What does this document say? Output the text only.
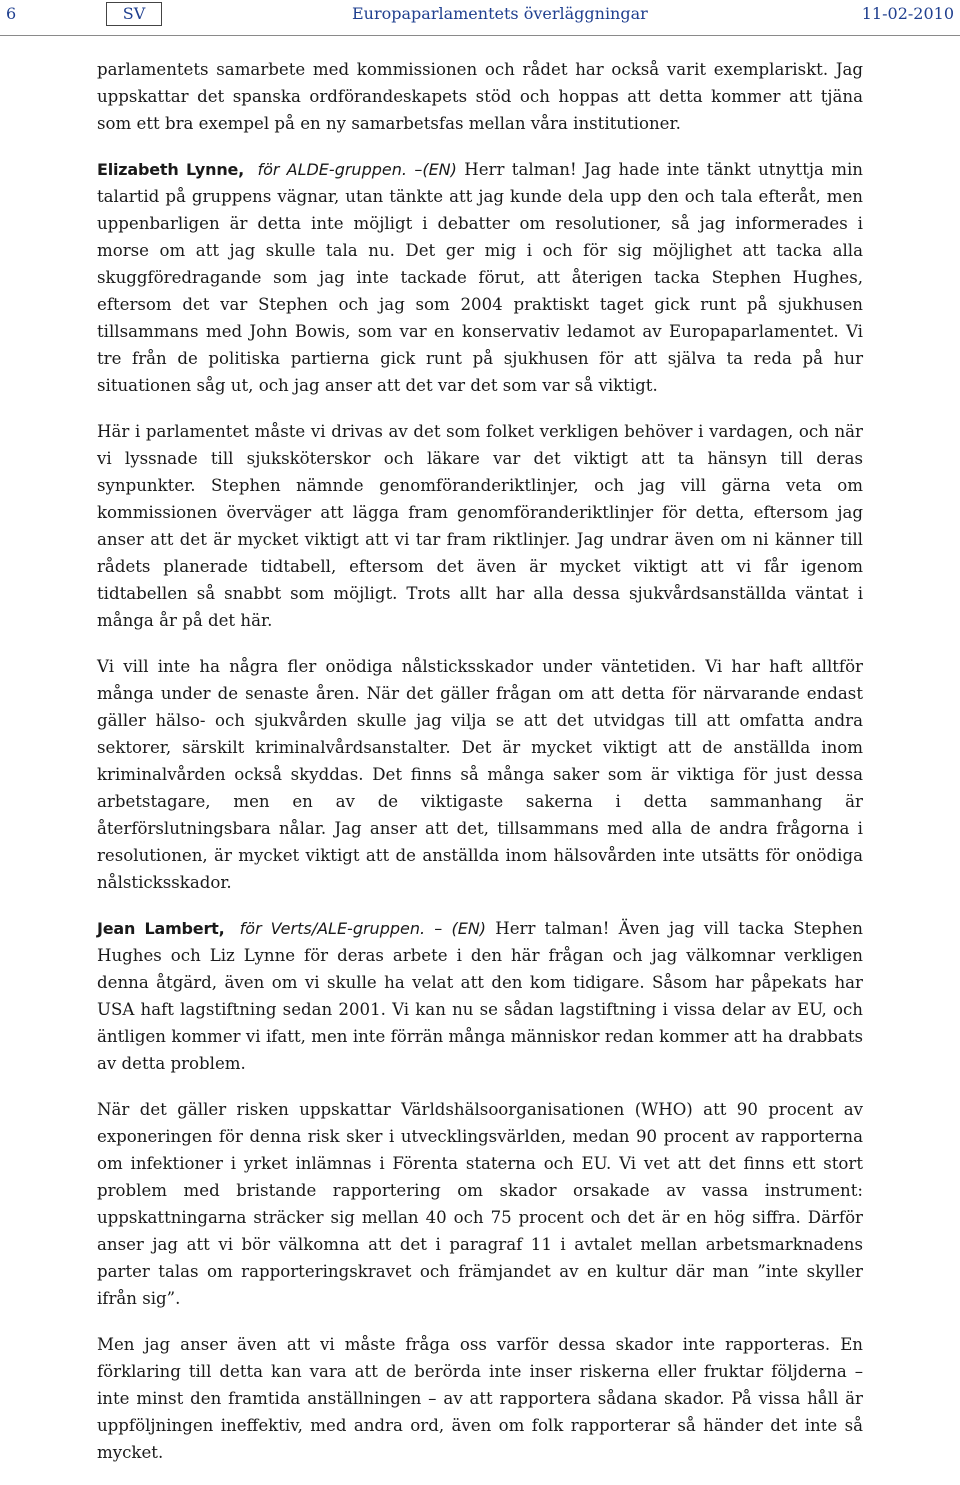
6	SV	Europaparlamentets överläggningar	11-02-2010

parlamentets samarbete med kommissionen och rådet har också varit exemplariskt. Jag uppskattar det spanska ordförandeskapets stöd och hoppas att detta kommer att tjäna som ett bra exempel på en ny samarbetsfas mellan våra institutioner.

Elizabeth Lynne, för ALDE-gruppen. –(EN) Herr talman! Jag hade inte tänkt utnyttja min talartid på gruppens vägnar, utan tänkte att jag kunde dela upp den och tala efteråt, men uppenbarligen är detta inte möjligt i debatter om resolutioner, så jag informerades i morse om att jag skulle tala nu. Det ger mig i och för sig möjlighet att tacka alla skuggföredragande som jag inte tackade förut, att återigen tacka Stephen Hughes, eftersom det var Stephen och jag som 2004 praktiskt taget gick runt på sjukhusen tillsammans med John Bowis, som var en konservativ ledamot av Europaparlamentet. Vi tre från de politiska partierna gick runt på sjukhusen för att själva ta reda på hur situationen såg ut, och jag anser att det var det som var så viktigt.

Här i parlamentet måste vi drivas av det som folket verkligen behöver i vardagen, och när vi lyssnade till sjuksköterskor och läkare var det viktigt att ta hänsyn till deras synpunkter. Stephen nämnde genomföranderiktlinjer, och jag vill gärna veta om kommissionen överväger att lägga fram genomföranderiktlinjer för detta, eftersom jag anser att det är mycket viktigt att vi tar fram riktlinjer. Jag undrar även om ni känner till rådets planerade tidtabell, eftersom det även är mycket viktigt att vi får igenom tidtabellen så snabbt som möjligt. Trots allt har alla dessa sjukvårdsanställda väntat i många år på det här.

Vi vill inte ha några fler onödiga nålsticksskador under väntetiden. Vi har haft alltför många under de senaste åren. När det gäller frågan om att detta för närvarande endast gäller hälso- och sjukvården skulle jag vilja se att det utvidgas till att omfatta andra sektorer, särskilt kriminalvårdsanstalter. Det är mycket viktigt att de anställda inom kriminalvården också skyddas. Det finns så många saker som är viktiga för just dessa arbetstagare, men en av de viktigaste sakerna i detta sammanhang är återförslutningsbara nålar. Jag anser att det, tillsammans med alla de andra frågorna i resolutionen, är mycket viktigt att de anställda inom hälsovården inte utsätts för onödiga nålsticksskador.

Jean Lambert, för Verts/ALE-gruppen. – (EN) Herr talman! Även jag vill tacka Stephen Hughes och Liz Lynne för deras arbete i den här frågan och jag välkomnar verkligen denna åtgärd, även om vi skulle ha velat att den kom tidigare. Såsom har påpekats har USA haft lagstiftning sedan 2001. Vi kan nu se sådan lagstiftning i vissa delar av EU, och äntligen kommer vi ifatt, men inte förrän många människor redan kommer att ha drabbats av detta problem.

När det gäller risken uppskattar Världshälsoorganisationen (WHO) att 90 procent av exponeringen för denna risk sker i utvecklingsvärlden, medan 90 procent av rapporterna om infektioner i yrket inlämnas i Förenta staterna och EU. Vi vet att det finns ett stort problem med bristande rapportering om skador orsakade av vassa instrument: uppskattningarna sträcker sig mellan 40 och 75 procent och det är en hög siffra. Därför anser jag att vi bör välkomna att det i paragraf 11 i avtalet mellan arbetsmarknadens parter talas om rapporteringskravet och främjandet av en kultur där man ”inte skyller ifrån sig”.

Men jag anser även att vi måste fråga oss varför dessa skador inte rapporteras. En förklaring till detta kan vara att de berörda inte inser riskerna eller fruktar följderna – inte minst den framtida anställningen – av att rapportera sådana skador. På vissa håll är uppföljningen ineffektiv, med andra ord, även om folk rapporterar så händer det inte så mycket.
